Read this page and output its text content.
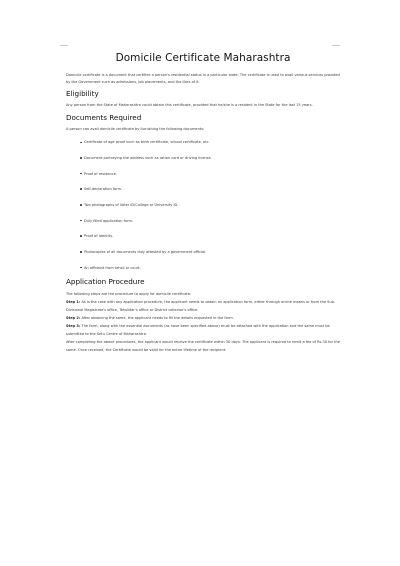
Domicile Certificate Maharashtra

Domicile certificate is a document that certifies a person's residential status in a particular state. The certificate is used to avail various services provided by the Government such as admissions, job placements, and the likes of it.

Eligibility

Any person from the State of Maharashtra could obtain this certificate, provided that he/she is a resident in the State for the last 15 years.

Documents Required

A person can avail domicile certificate by furnishing the following documents:

Certificate of age proof such as birth certificate, school certificate, etc.
Document portraying the address such as ration card or driving license.
Proof of residence.
Self-declaration form.
Two photographs of Voter ID/College or University ID.
Duly filled application form.
Proof of identity.
Photocopies of all documents duly attested by a government official.
An affidavit from tehsil or court.
Application Procedure

The following steps are the procedure to apply for domicile certificate:

Step 1: As is the case with any application procedure, the applicant needs to obtain an application form, either through online means or from the Sub-Divisional Magistrate's office, Tehsildar's office or District collector's office.

Step 2: After obtaining the same, the applicant needs to fill the details requested in the form.

Step 3: The form, along with the essential documents (as have been specified above) must be attached with the application and the same must be submitted to the Setu Centre of Maharashtra.

After completing the above procedures, the applicant would receive the certificate within 30 days. The applicant is required to remit a fee of Rs.30 for the same. Once received, the Certificate would be valid for the entire lifetime of the recipient.
